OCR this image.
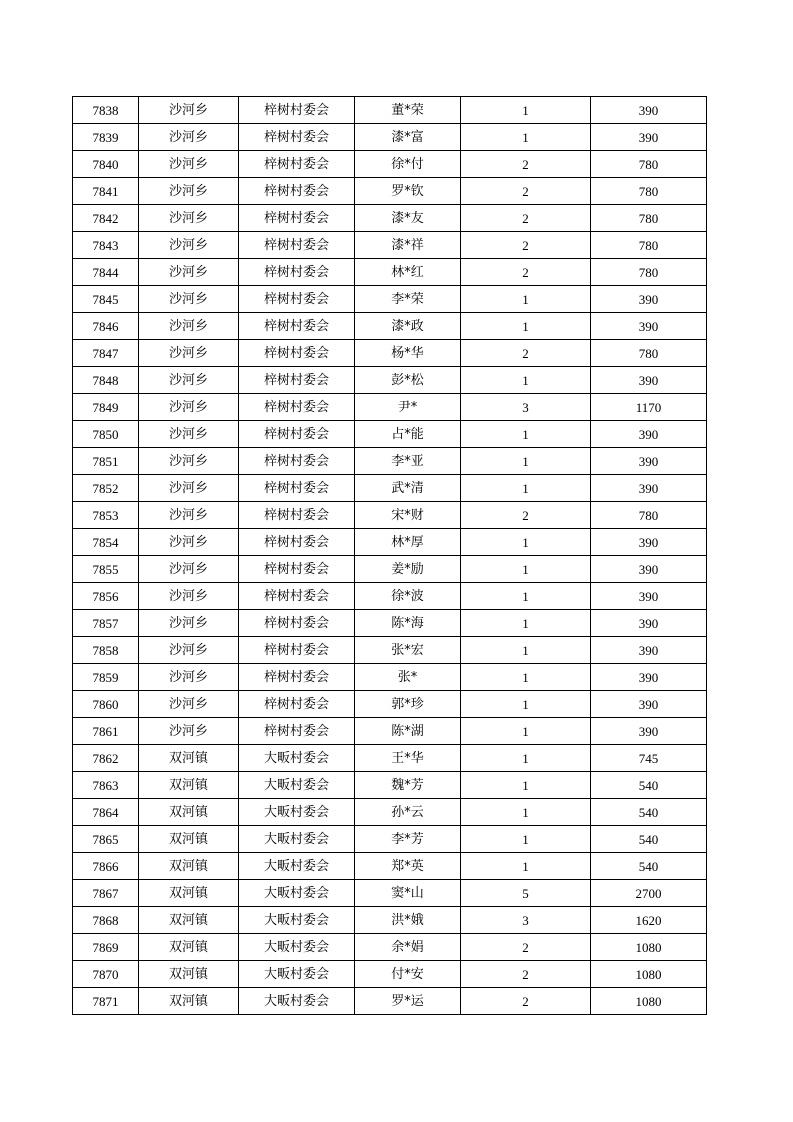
7838	沙河乡	梓树村委会	董*荣	1	390
7839	沙河乡	梓树村委会	漆*富	1	390
7840	沙河乡	梓树村委会	徐*付	2	780
7841	沙河乡	梓树村委会	罗*钦	2	780
7842	沙河乡	梓树村委会	漆*友	2	780
7843	沙河乡	梓树村委会	漆*祥	2	780
7844	沙河乡	梓树村委会	林*红	2	780
7845	沙河乡	梓树村委会	李*荣	1	390
7846	沙河乡	梓树村委会	漆*政	1	390
7847	沙河乡	梓树村委会	杨*华	2	780
7848	沙河乡	梓树村委会	彭*松	1	390
7849	沙河乡	梓树村委会	尹*	3	1170
7850	沙河乡	梓树村委会	占*能	1	390
7851	沙河乡	梓树村委会	李*亚	1	390
7852	沙河乡	梓树村委会	武*清	1	390
7853	沙河乡	梓树村委会	宋*财	2	780
7854	沙河乡	梓树村委会	林*厚	1	390
7855	沙河乡	梓树村委会	姜*励	1	390
7856	沙河乡	梓树村委会	徐*波	1	390
7857	沙河乡	梓树村委会	陈*海	1	390
7858	沙河乡	梓树村委会	张*宏	1	390
7859	沙河乡	梓树村委会	张*	1	390
7860	沙河乡	梓树村委会	郭*珍	1	390
7861	沙河乡	梓树村委会	陈*湖	1	390
7862	双河镇	大畈村委会	王*华	1	745
7863	双河镇	大畈村委会	魏*芳	1	540
7864	双河镇	大畈村委会	孙*云	1	540
7865	双河镇	大畈村委会	李*芳	1	540
7866	双河镇	大畈村委会	郑*英	1	540
7867	双河镇	大畈村委会	窦*山	5	2700
7868	双河镇	大畈村委会	洪*娥	3	1620
7869	双河镇	大畈村委会	余*娟	2	1080
7870	双河镇	大畈村委会	付*安	2	1080
7871	双河镇	大畈村委会	罗*运	2	1080
